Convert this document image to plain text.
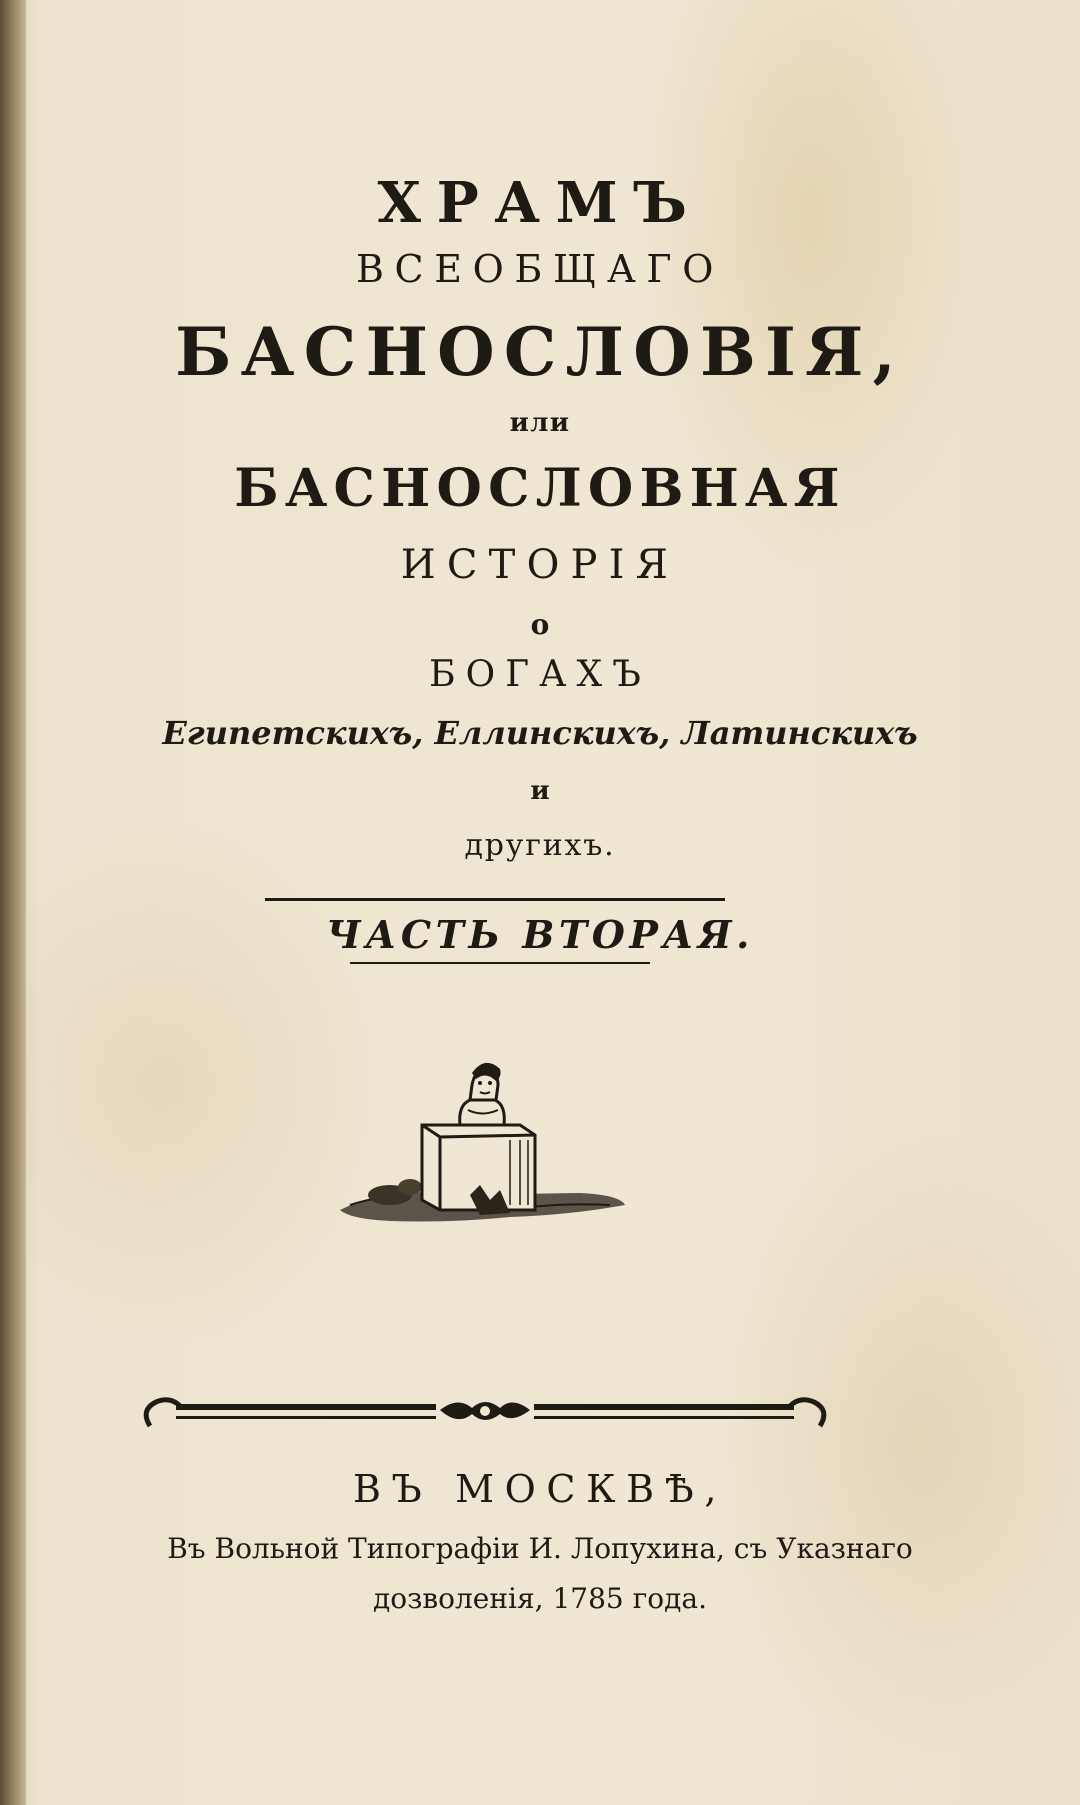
ХРАМЪ
ВСЕОБЩАГО
БАСНОСЛОВІЯ,
или
БАСНОСЛОВНАЯ
ИСТОРІЯ
о
БОГАХЪ
Египетскихъ, Еллинскихъ, Латинскихъ
и
другихъ.
ЧАСТЬ ВТОРАЯ.
ВЪ МОСКВѢ,
Въ Вольной Типографіи И. Лопухина, съ Указнаго
дозволенія, 1785 года.
